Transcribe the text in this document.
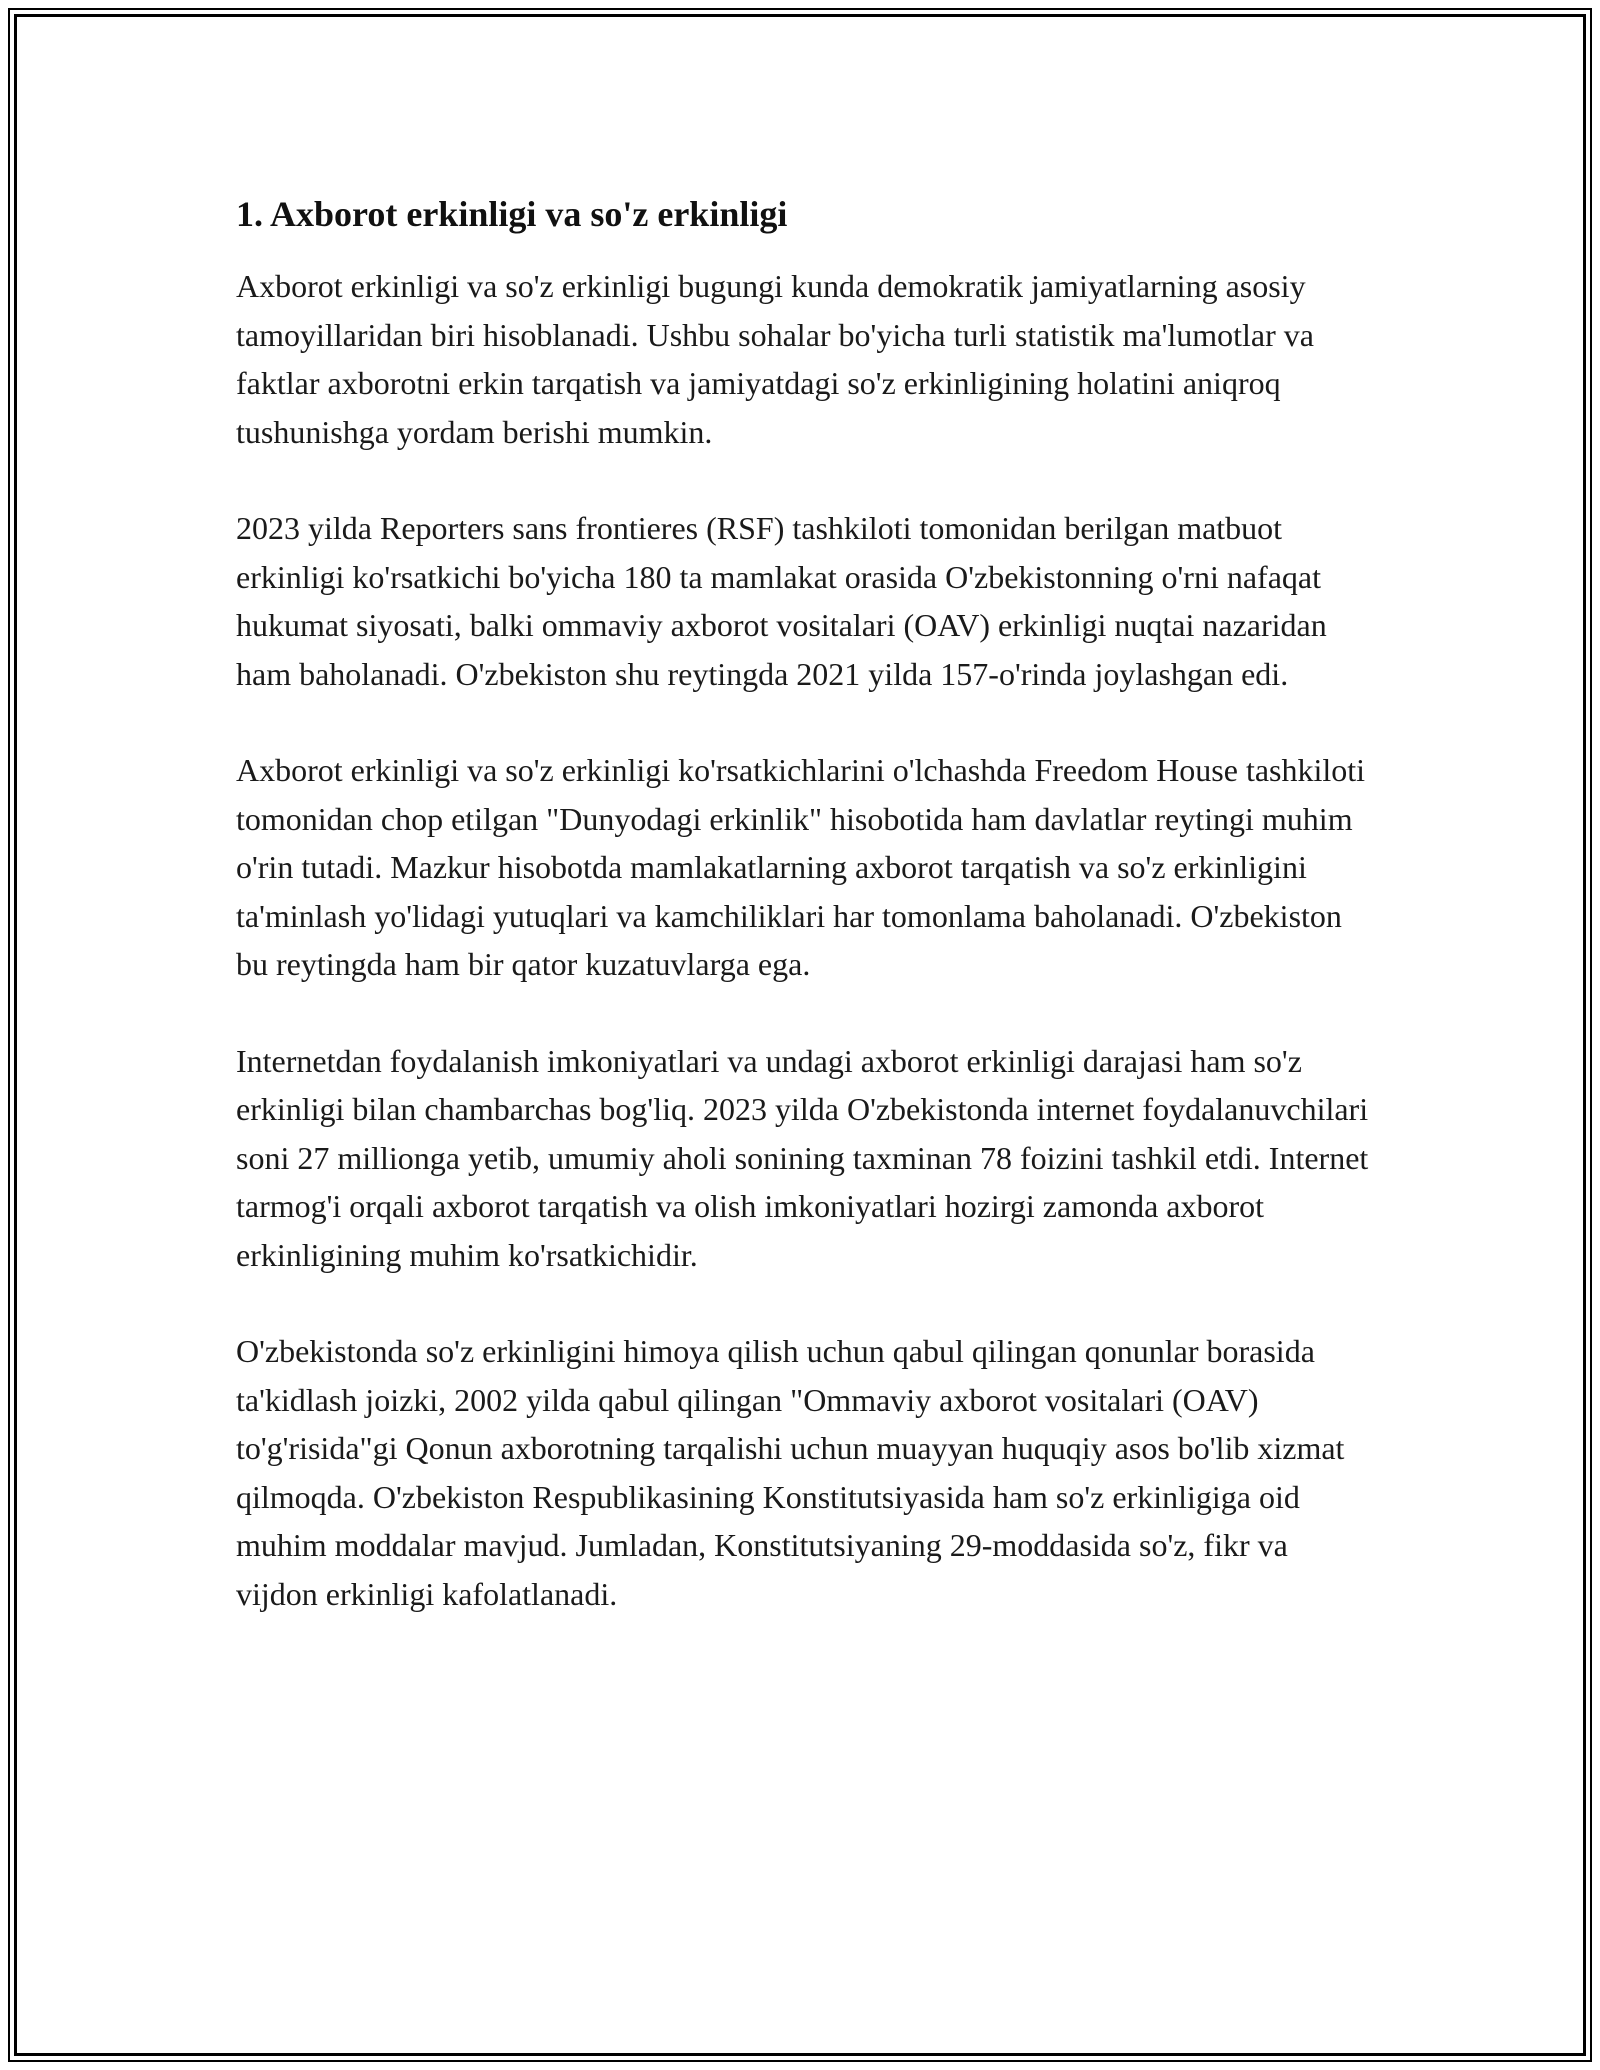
1. Axborot erkinligi va so'z erkinligi

Axborot erkinligi va so'z erkinligi bugungi kunda demokratik jamiyatlarning asosiy tamoyillaridan biri hisoblanadi. Ushbu sohalar bo'yicha turli statistik ma'lumotlar va faktlar axborotni erkin tarqatish va jamiyatdagi so'z erkinligining holatini aniqroq tushunishga yordam berishi mumkin.

2023 yilda Reporters sans frontieres (RSF) tashkiloti tomonidan berilgan matbuot erkinligi ko'rsatkichi bo'yicha 180 ta mamlakat orasida O'zbekistonning o'rni nafaqat hukumat siyosati, balki ommaviy axborot vositalari (OAV) erkinligi nuqtai nazaridan ham baholanadi. O'zbekiston shu reytingda 2021 yilda 157-o'rinda joylashgan edi.

Axborot erkinligi va so'z erkinligi ko'rsatkichlarini o'lchashda Freedom House tashkiloti tomonidan chop etilgan "Dunyodagi erkinlik" hisobotida ham davlatlar reytingi muhim o'rin tutadi. Mazkur hisobotda mamlakatlarning axborot tarqatish va so'z erkinligini ta'minlash yo'lidagi yutuqlari va kamchiliklari har tomonlama baholanadi. O'zbekiston bu reytingda ham bir qator kuzatuvlarga ega.

Internetdan foydalanish imkoniyatlari va undagi axborot erkinligi darajasi ham so'z erkinligi bilan chambarchas bog'liq. 2023 yilda O'zbekistonda internet foydalanuvchilari soni 27 millionga yetib, umumiy aholi sonining taxminan 78 foizini tashkil etdi. Internet tarmog'i orqali axborot tarqatish va olish imkoniyatlari hozirgi zamonda axborot erkinligining muhim ko'rsatkichidir.

O'zbekistonda so'z erkinligini himoya qilish uchun qabul qilingan qonunlar borasida ta'kidlash joizki, 2002 yilda qabul qilingan "Ommaviy axborot vositalari (OAV) to'g'risida"gi Qonun axborotning tarqalishi uchun muayyan huquqiy asos bo'lib xizmat qilmoqda. O'zbekiston Respublikasining Konstitutsiyasida ham so'z erkinligiga oid muhim moddalar mavjud. Jumladan, Konstitutsiyaning 29-moddasida so'z, fikr va vijdon erkinligi kafolatlanadi.
